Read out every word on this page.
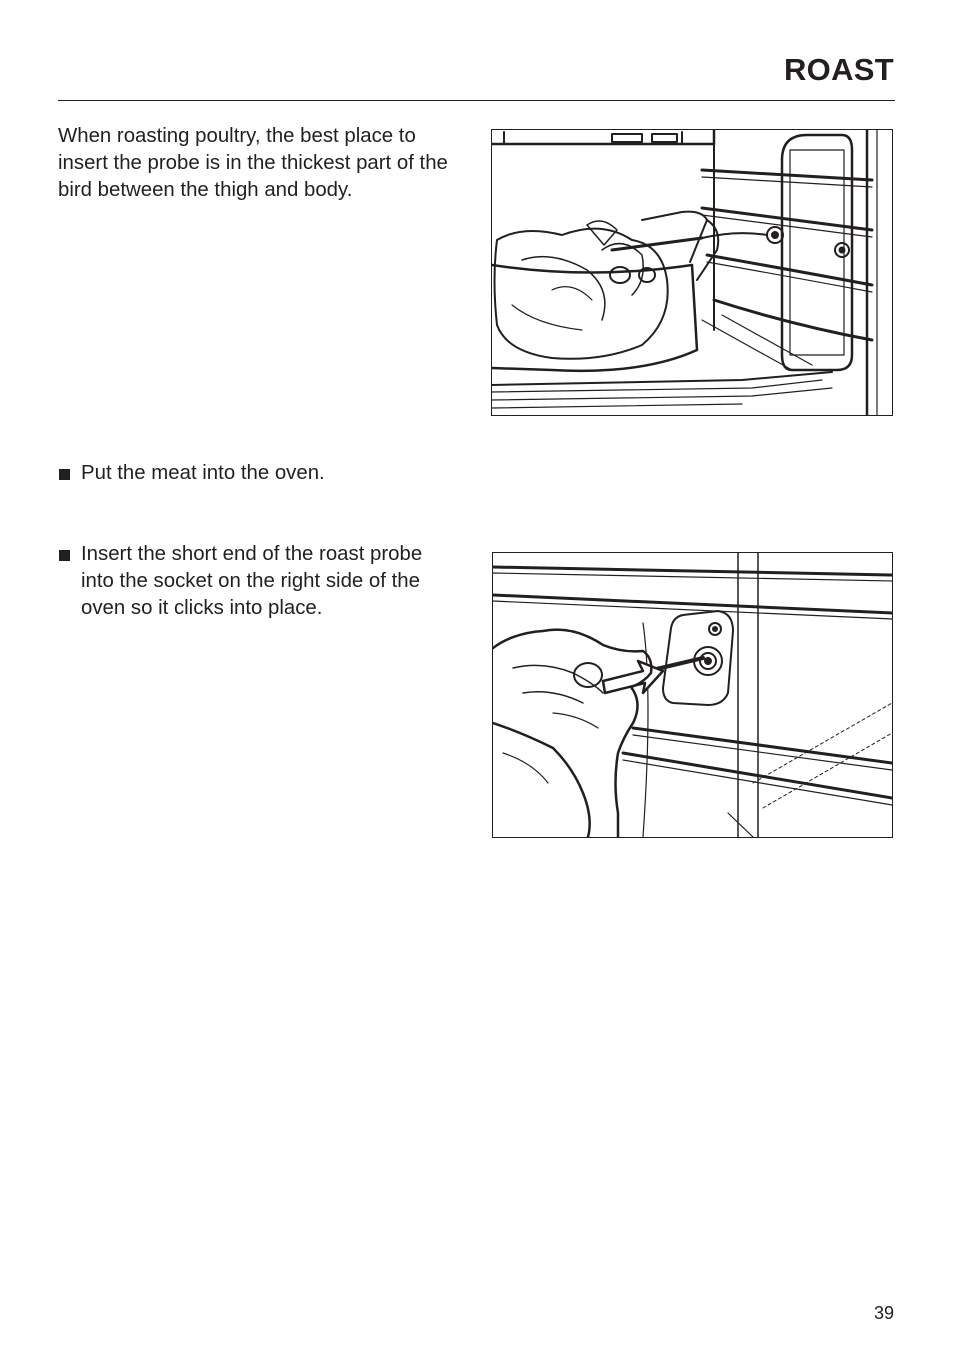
ROAST

When roasting poultry, the best place to insert the probe is in the thickest part of the bird between the thigh and body.

Put the meat into the oven.
Insert the short end of the roast probe into the socket on the right side of the oven so it clicks into place.
39
